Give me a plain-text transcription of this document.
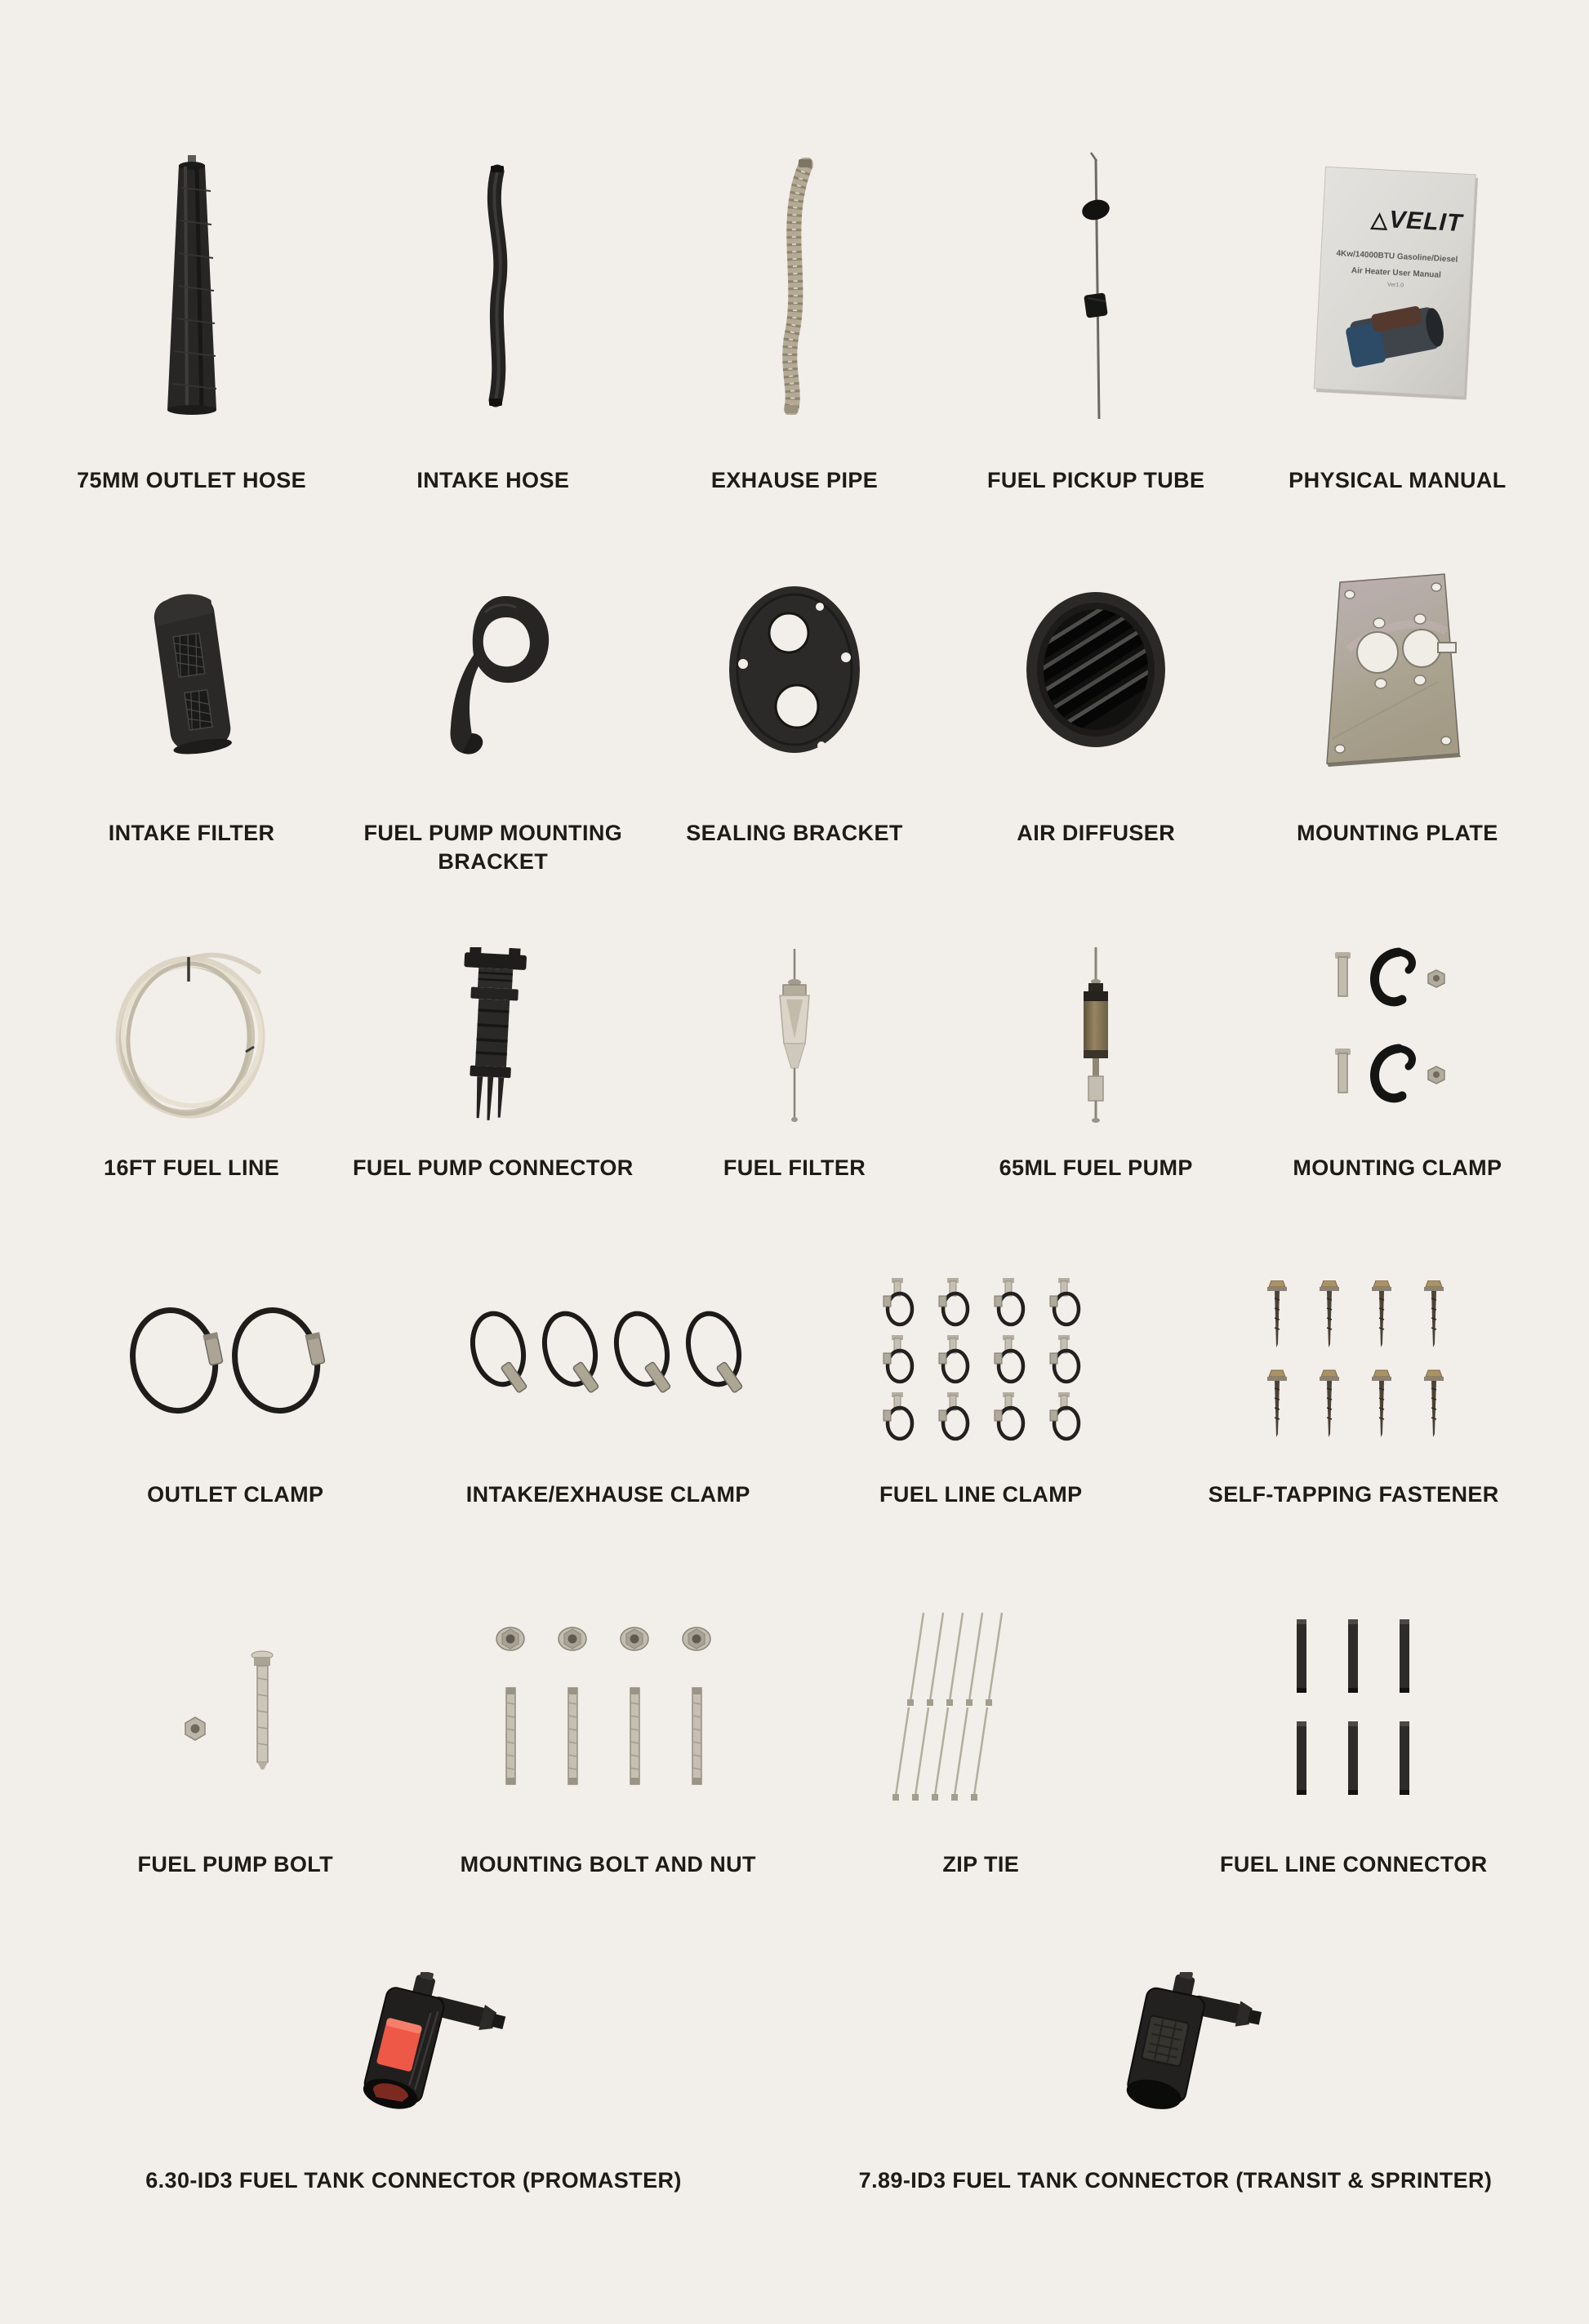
75MM OUTLET HOSE	INTAKE HOSE	EXHAUSE PIPE	FUEL PICKUP TUBE
△ VELIT
4Kw/14000BTU Gasoline/Diesel
Air Heater User Manual
Ver1.0
PHYSICAL MANUAL
INTAKE FILTER	FUEL PUMP MOUNTING BRACKET
SEALING BRACKET	AIR DIFFUSER	MOUNTING PLATE
16FT FUEL LINE	FUEL PUMP CONNECTOR	FUEL FILTER	65ML FUEL PUMP	MOUNTING CLAMP
OUTLET CLAMP	INTAKE/EXHAUSE CLAMP	FUEL LINE CLAMP	SELF-TAPPING FASTENER
FUEL PUMP BOLT	MOUNTING BOLT AND NUT	ZIP TIE	FUEL LINE CONNECTOR
6.30-ID3 FUEL TANK CONNECTOR (PROMASTER)	7.89-ID3 FUEL TANK CONNECTOR (TRANSIT & SPRINTER)
